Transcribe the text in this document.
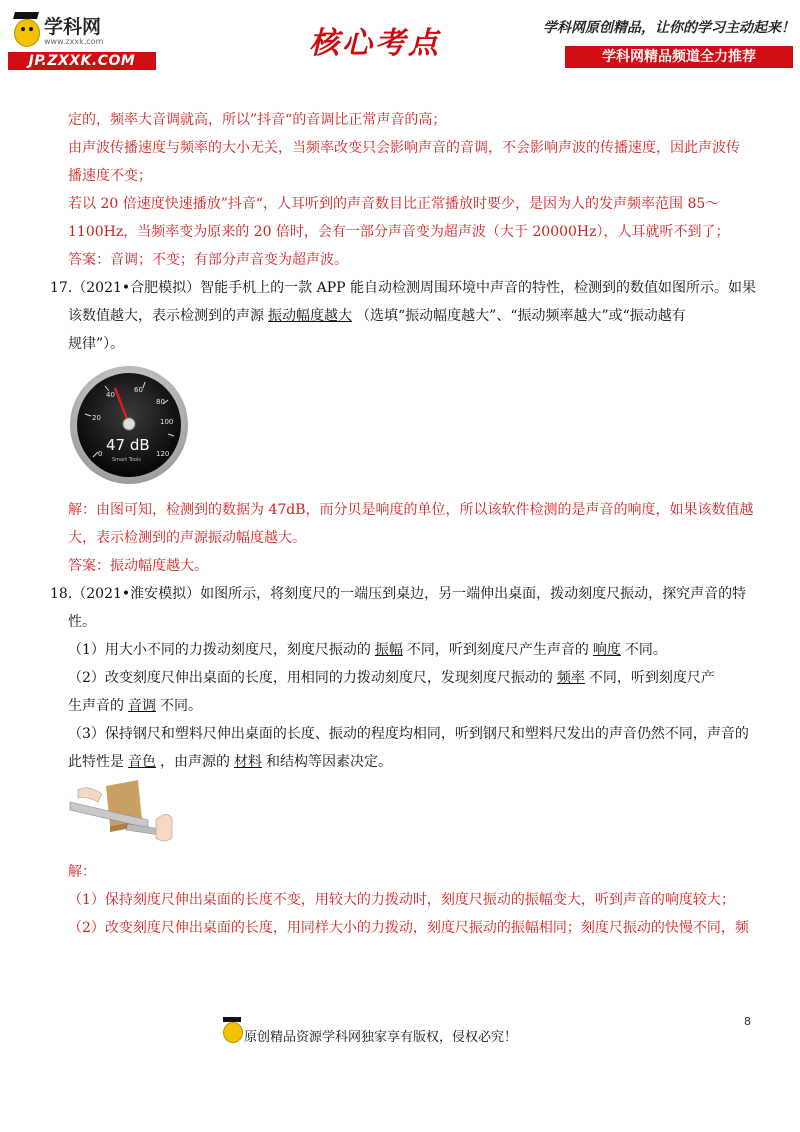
学科网
www.zxxk.com
JP.ZXXK.COM	核心考点	学科网原创精品，让你的学习主动起来！
学科网精品频道全力推荐
定的，频率大音调就高，所以”抖音“的音调比正常声音的高；
由声波传播速度与频率的大小无关，当频率改变只会影响声音的音调，不会影响声波的传播速度，因此声波传
播速度不变；
若以 20 倍速度快速播放”抖音“，人耳听到的声音数目比正常播放时要少，是因为人的发声频率范围 85～
1100Hz，当频率变为原来的 20 倍时，会有一部分声音变为超声波（大于 20000Hz），人耳就听不到了；
答案：音调；不变；有部分声音变为超声波。
17.（2021•合肥模拟）智能手机上的一款 APP 能自动检测周围环境中声音的特性，检测到的数值如图所示。如果
该数值越大，表示检测到的声源 振动幅度越大 （选填“振动幅度越大”、“振动频率越大”或“振动越有
规律”）。
0
20
40
60
80
100
120
47 dB
Smart Tools
解：由图可知，检测到的数据为 47dB，而分贝是响度的单位，所以该软件检测的是声音的响度，如果该数值越
大，表示检测到的声源振动幅度越大。
答案：振动幅度越大。
18.（2021•淮安模拟）如图所示，将刻度尺的一端压到桌边，另一端伸出桌面，拨动刻度尺振动，探究声音的特
性。
（1）用大小不同的力拨动刻度尺，刻度尺振动的 振幅 不同，听到刻度尺产生声音的 响度 不同。
（2）改变刻度尺伸出桌面的长度，用相同的力拨动刻度尺，发现刻度尺振动的 频率 不同，听到刻度尺产
生声音的 音调 不同。
（3）保持钢尺和塑料尺伸出桌面的长度、振动的程度均相同，听到钢尺和塑料尺发出的声音仍然不同，声音的
此特性是 音色 ，由声源的 材料 和结构等因素决定。
解：
（1）保持刻度尺伸出桌面的长度不变，用较大的力拨动时，刻度尺振动的振幅变大，听到声音的响度较大；
（2）改变刻度尺伸出桌面的长度，用同样大小的力拨动，刻度尺振动的振幅相同；刻度尺振动的快慢不同，频
原创精品资源学科网独家享有版权，侵权必究！
8
